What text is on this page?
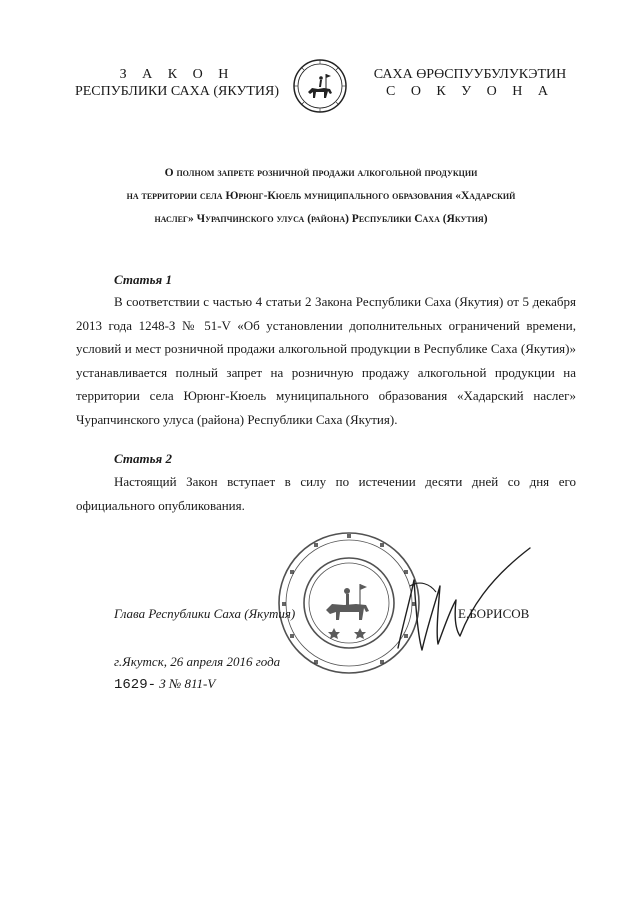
З А К О Н
РЕСПУБЛИКИ САХА (ЯКУТИЯ)
САХА ӨРӨСПУУБУЛУКЭТИН
С О К У О Н А
О полном запрете розничной продажи алкогольной продукции
на территории села Юрюнг-Кюель муниципального образования «Хадарский
наслег» Чурапчинского улуса (района) Республики Саха (Якутия)
Статья 1
В соответствии с частью 4 статьи 2 Закона Республики Саха (Якутия) от 5 декабря 2013 года 1248-З № 51-V «Об установлении дополнительных ограничений времени, условий и мест розничной продажи алкогольной продукции в Республике Саха (Якутия)» устанавливается полный запрет на розничную продажу алкогольной продукции на территории села Юрюнг-Кюель муниципального образования «Хадарский наслег» Чурапчинского улуса (района) Республики Саха (Якутия).
Статья 2
Настоящий Закон вступает в силу по истечении десяти дней со дня его официального опубликования.
Глава Республики Саха (Якутия)	Е.БОРИСОВ
г.Якутск, 26 апреля 2016 года
1629- З № 811-V
